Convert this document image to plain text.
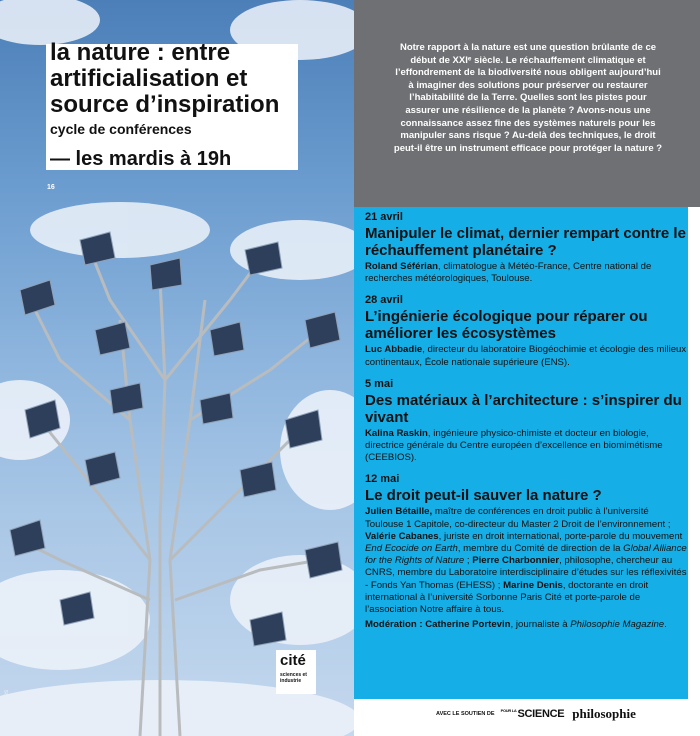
la nature : entre artificialisation et source d’inspiration
cycle de conférences
— les mardis à 19h
16
© GettyImages
cité
sciences et industrie
Notre rapport à la nature est une question brûlante de ce début de XXIᵉ siècle. Le réchauffement climatique et l’effondrement de la biodiversité nous obligent aujourd’hui à imaginer des solutions pour préserver ou restaurer l’habitabilité de la Terre. Quelles sont les pistes pour assurer une résilience de la planète ? Avons-nous une connaissance assez fine des systèmes naturels pour les manipuler sans risque ? Au-delà des techniques, le droit peut-il être un instrument efficace pour protéger la nature ?
21 avril
Manipuler le climat, dernier rempart contre le réchauffement planétaire ?
Roland Séférian, climatologue à Météo-France, Centre national de recherches météorologiques, Toulouse.
28 avril
L’ingénierie écologique pour réparer ou améliorer les écosystèmes
Luc Abbadie, directeur du laboratoire Biogéochimie et écologie des milieux continentaux, École nationale supérieure (ENS).
5 mai
Des matériaux à l’architecture : s’inspirer du vivant
Kalina Raskin, ingénieure physico-chimiste et docteur en biologie, directrice générale du Centre européen d’excellence en biomimétisme (CEEBIOS).
12 mai
Le droit peut-il sauver la nature ?
Julien Bétaille, maître de conférences en droit public à l’université Toulouse 1 Capitole, co-directeur du Master 2 Droit de l’environnement ; Valérie Cabanes, juriste en droit international, porte-parole du mouvement End Ecocide on Earth, membre du Comité de direction de la Global Alliance for the Rights of Nature ; Pierre Charbonnier, philosophe, chercheur au CNRS, membre du Laboratoire interdisciplinaire d’études sur les réflexivités - Fonds Yan Thomas (EHESS) ; Marine Denis, doctorante en droit international à l’université Sorbonne Paris Cité et porte-parole de l’association Notre affaire à tous.
Modération : Catherine Portevin, journaliste à Philosophie Magazine.
AVEC LE SOUTIEN DE
$^{POUR LA}$SCIENCE philosophie
